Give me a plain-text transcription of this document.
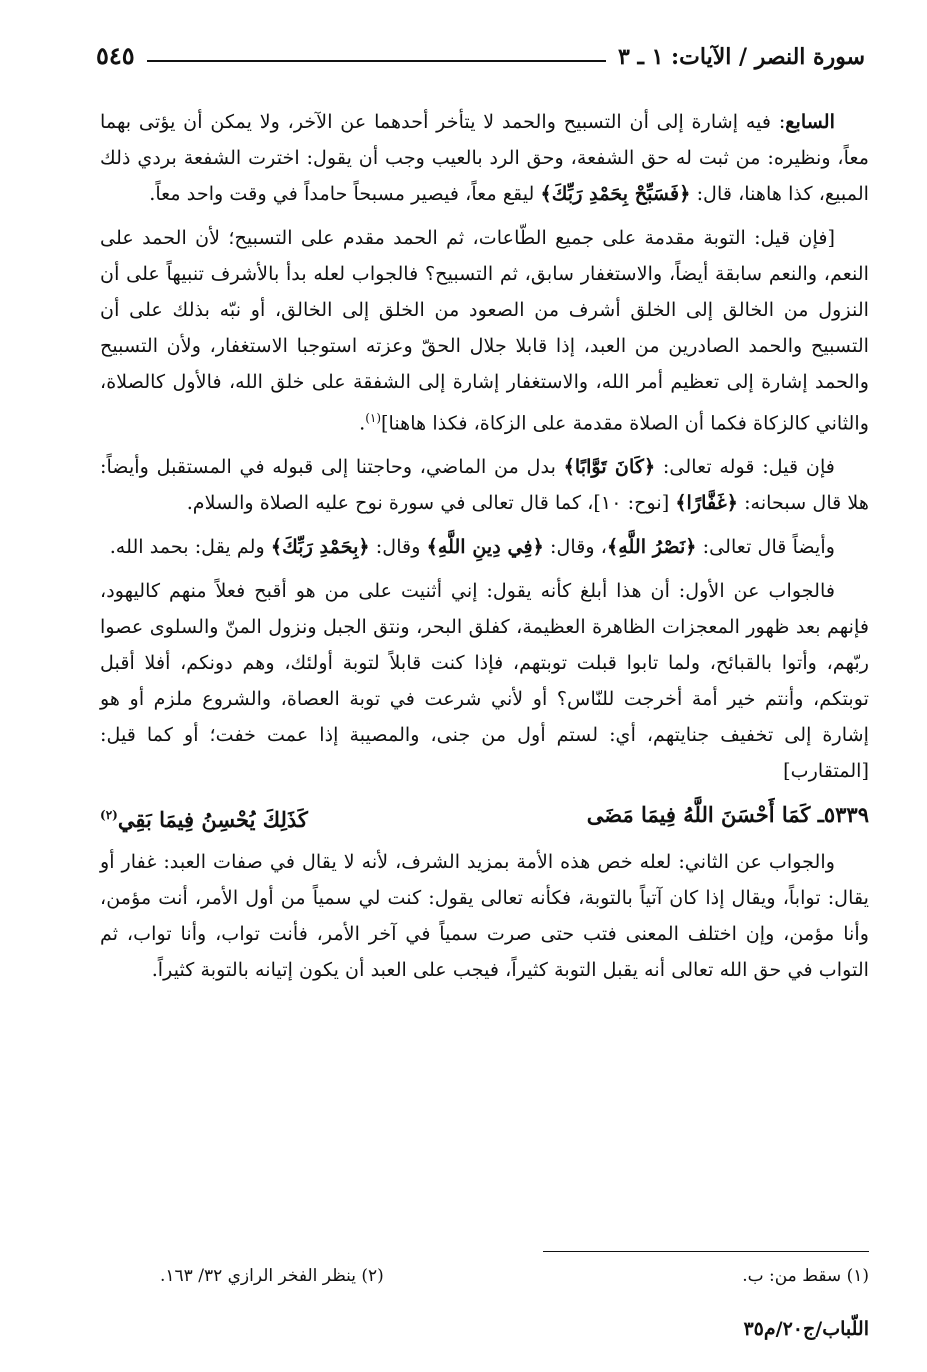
سورة النصر / الآيات: ١ ـ ٣
٥٤٥

السابع: فيه إشارة إلى أن التسبيح والحمد لا يتأخر أحدهما عن الآخر، ولا يمكن أن يؤتى بهما معاً، ونظيره: من ثبت له حق الشفعة، وحق الرد بالعيب وجب أن يقول: اخترت الشفعة بردي ذلك المبيع، كذا هاهنا، قال: ﴿فَسَبِّحْ بِحَمْدِ رَبِّكَ﴾ ليقع معاً، فيصير مسبحاً حامداً في وقت واحد معاً.

[فإن قيل: التوبة مقدمة على جميع الطّاعات، ثم الحمد مقدم على التسبيح؛ لأن الحمد على النعم، والنعم سابقة أيضاً، والاستغفار سابق، ثم التسبيح؟ فالجواب لعله بدأ بالأشرف تنبيهاً على أن النزول من الخالق إلى الخلق أشرف من الصعود من الخلق إلى الخالق، أو نبّه بذلك على أن التسبيح والحمد الصادرين من العبد، إذا قابلا جلال الحقّ وعزته استوجبا الاستغفار، ولأن التسبيح والحمد إشارة إلى تعظيم أمر الله، والاستغفار إشارة إلى الشفقة على خلق الله، فالأول كالصلاة، والثاني كالزكاة فكما أن الصلاة مقدمة على الزكاة، فكذا هاهنا]$^{(١)}$.

فإن قيل: قوله تعالى: ﴿كَانَ تَوَّابًا﴾ بدل من الماضي، وحاجتنا إلى قبوله في المستقبل وأيضاً: هلا قال سبحانه: ﴿غَفَّارًا﴾ [نوح: ١٠]، كما قال تعالى في سورة نوح عليه الصلاة والسلام.

وأيضاً قال تعالى: ﴿نَصْرُ اللَّهِ﴾، وقال: ﴿فِي دِينِ اللَّهِ﴾ وقال: ﴿بِحَمْدِ رَبِّكَ﴾ ولم يقل: بحمد الله.

فالجواب عن الأول: أن هذا أبلغ كأنه يقول: إني أثنيت على من هو أقبح فعلاً منهم كاليهود، فإنهم بعد ظهور المعجزات الظاهرة العظيمة، كفلق البحر، ونتق الجبل ونزول المنّ والسلوى عصوا ربّهم، وأتوا بالقبائح، ولما تابوا قبلت توبتهم، فإذا كنت قابلاً لتوبة أولئك، وهم دونكم، أفلا أقبل توبتكم، وأنتم خير أمة أخرجت للنّاس؟ أو لأني شرعت في توبة العصاة، والشروع ملزم أو هو إشارة إلى تخفيف جنايتهم، أي: لستم أول من جنى، والمصيبة إذا عمت خفت؛ أو كما قيل: [المتقارب]

٥٣٣٩ـ كَمَا أَحْسَنَ اللَّهُ فِيمَا مَضَى
كَذَلِكَ يُحْسِنُ فِيمَا بَقِي$^{(٢)}$

والجواب عن الثاني: لعله خص هذه الأمة بمزيد الشرف، لأنه لا يقال في صفات العبد: غفار أو يقال: تواباً، ويقال إذا كان آتياً بالتوبة، فكأنه تعالى يقول: كنت لي سمياً من أول الأمر، أنت مؤمن، وأنا مؤمن، وإن اختلف المعنى فتب حتى صرت سمياً في آخر الأمر، فأنت تواب، وأنا تواب، ثم التواب في حق الله تعالى أنه يقبل التوبة كثيراً، فيجب على العبد أن يكون إتيانه بالتوبة كثيراً.

(١) سقط من: ب.
(٢) ينظر الفخر الرازي ٣٢/ ١٦٣.
اللّباب/ج٢٠/م٣٥
